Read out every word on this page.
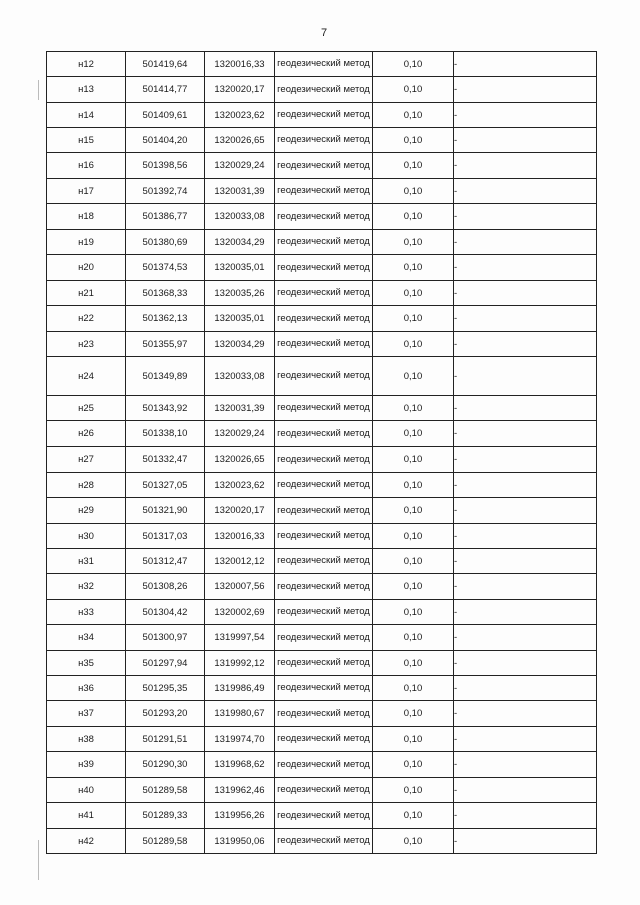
7
н12	501419,64	1320016,33	геодезический метод	0,10	-
н13	501414,77	1320020,17	геодезический метод	0,10	-
н14	501409,61	1320023,62	геодезический метод	0,10	-
н15	501404,20	1320026,65	геодезический метод	0,10	-
н16	501398,56	1320029,24	геодезический метод	0,10	-
н17	501392,74	1320031,39	геодезический метод	0,10	-
н18	501386,77	1320033,08	геодезический метод	0,10	-
н19	501380,69	1320034,29	геодезический метод	0,10	-
н20	501374,53	1320035,01	геодезический метод	0,10	-
н21	501368,33	1320035,26	геодезический метод	0,10	-
н22	501362,13	1320035,01	геодезический метод	0,10	-
н23	501355,97	1320034,29	геодезический метод	0,10	-
н24	501349,89	1320033,08	геодезический метод	0,10	-
н25	501343,92	1320031,39	геодезический метод	0,10	-
н26	501338,10	1320029,24	геодезический метод	0,10	-
н27	501332,47	1320026,65	геодезический метод	0,10	-
н28	501327,05	1320023,62	геодезический метод	0,10	-
н29	501321,90	1320020,17	геодезический метод	0,10	-
н30	501317,03	1320016,33	геодезический метод	0,10	-
н31	501312,47	1320012,12	геодезический метод	0,10	-
н32	501308,26	1320007,56	геодезический метод	0,10	-
н33	501304,42	1320002,69	геодезический метод	0,10	-
н34	501300,97	1319997,54	геодезический метод	0,10	-
н35	501297,94	1319992,12	геодезический метод	0,10	-
н36	501295,35	1319986,49	геодезический метод	0,10	-
н37	501293,20	1319980,67	геодезический метод	0,10	-
н38	501291,51	1319974,70	геодезический метод	0,10	-
н39	501290,30	1319968,62	геодезический метод	0,10	-
н40	501289,58	1319962,46	геодезический метод	0,10	-
н41	501289,33	1319956,26	геодезический метод	0,10	-
н42	501289,58	1319950,06	геодезический метод	0,10	-
